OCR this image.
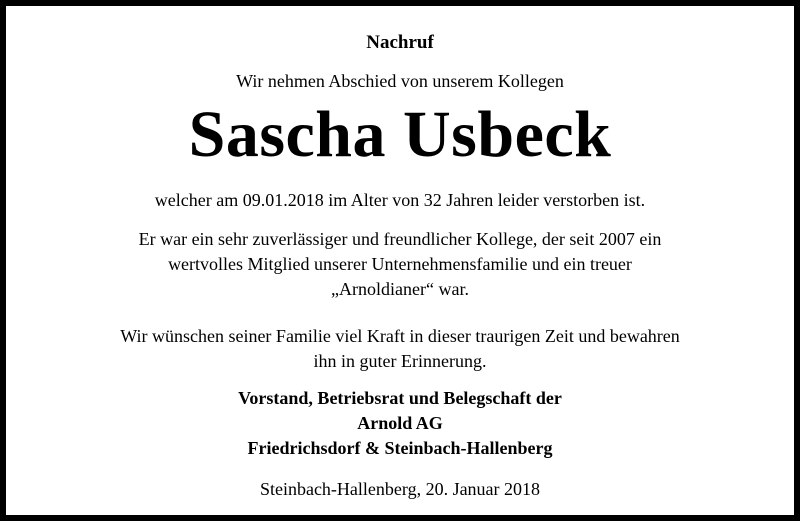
Nachruf
Wir nehmen Abschied von unserem Kollegen
Sascha Usbeck
welcher am 09.01.2018 im Alter von 32 Jahren leider verstorben ist.
Er war ein sehr zuverlässiger und freundlicher Kollege, der seit 2007 ein
wertvolles Mitglied unserer Unternehmensfamilie und ein treuer
„Arnoldianer“ war.
Wir wünschen seiner Familie viel Kraft in dieser traurigen Zeit und bewahren
ihn in guter Erinnerung.
Vorstand, Betriebsrat und Belegschaft der
Arnold AG
Friedrichsdorf & Steinbach-Hallenberg
Steinbach-Hallenberg, 20. Januar 2018
